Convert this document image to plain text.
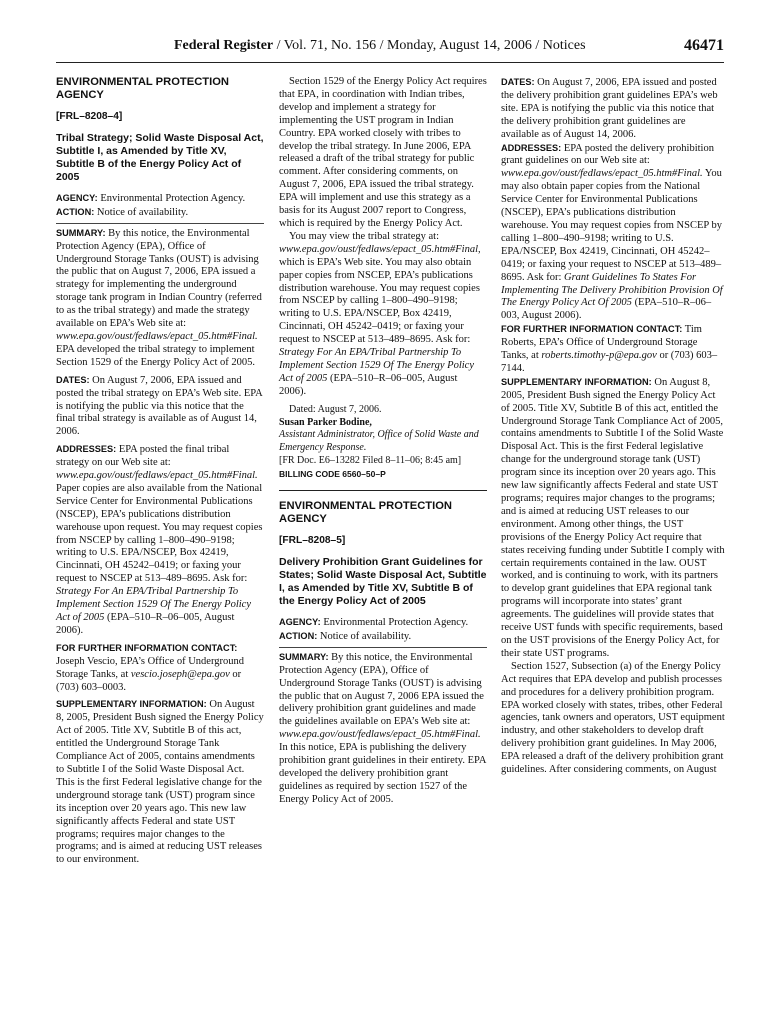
Federal Register / Vol. 71, No. 156 / Monday, August 14, 2006 / Notices	46471
ENVIRONMENTAL PROTECTION AGENCY
[FRL–8208–4]
Tribal Strategy; Solid Waste Disposal Act, Subtitle I, as Amended by Title XV, Subtitle B of the Energy Policy Act of 2005

AGENCY: Environmental Protection Agency.

ACTION: Notice of availability.

SUMMARY: By this notice, the Environmental Protection Agency (EPA), Office of Underground Storage Tanks (OUST) is advising the public that on August 7, 2006, EPA issued a strategy for implementing the underground storage tank program in Indian Country (referred to as the tribal strategy) and made the strategy available on EPA’s Web site at: www.epa.gov/oust/fedlaws/epact_05.htm#Final. EPA developed the tribal strategy to implement Section 1529 of the Energy Policy Act of 2005.

DATES: On August 7, 2006, EPA issued and posted the tribal strategy on EPA’s Web site. EPA is notifying the public via this notice that the final tribal strategy is available as of August 14, 2006.

ADDRESSES: EPA posted the final tribal strategy on our Web site at: www.epa.gov/oust/fedlaws/epact_05.htm#Final. Paper copies are also available from the National Service Center for Environmental Publications (NSCEP), EPA’s publications distribution warehouse upon request. You may request copies from NSCEP by calling 1–800–490–9198; writing to U.S. EPA/NSCEP, Box 42419, Cincinnati, OH 45242–0419; or faxing your request to NSCEP at 513–489–8695. Ask for: Strategy For An EPA/Tribal Partnership To Implement Section 1529 Of The Energy Policy Act of 2005 (EPA–510–R–06–005, August 2006).

FOR FURTHER INFORMATION CONTACT:
Joseph Vescio, EPA’s Office of Underground Storage Tanks, at vescio.joseph@epa.gov or (703) 603–0003.

SUPPLEMENTARY INFORMATION: On August 8, 2005, President Bush signed the Energy Policy Act of 2005. Title XV, Subtitle B of this act, entitled the Underground Storage Tank Compliance Act of 2005, contains amendments to Subtitle I of the Solid Waste Disposal Act. This is the first Federal legislative change for the underground storage tank (UST) program since its inception over 20 years ago. This new law significantly affects Federal and state UST programs; requires major changes to the programs; and is aimed at reducing UST releases to our environment.

Section 1529 of the Energy Policy Act requires that EPA, in coordination with Indian tribes, develop and implement a strategy for implementing the UST program in Indian Country. EPA worked closely with tribes to develop the tribal strategy. In June 2006, EPA released a draft of the tribal strategy for public comment. After considering comments, on August 7, 2006, EPA issued the tribal strategy. EPA will implement and use this strategy as a basis for its August 2007 report to Congress, which is required by the Energy Policy Act.

You may view the tribal strategy at: www.epa.gov/oust/fedlaws/epact_05.htm#Final, which is EPA’s Web site. You may also obtain paper copies from NSCEP, EPA’s publications distribution warehouse. You may request copies from NSCEP by calling 1–800–490–9198; writing to U.S. EPA/NSCEP, Box 42419, Cincinnati, OH 45242–0419; or faxing your request to NSCEP at 513–489–8695. Ask for: Strategy For An EPA/Tribal Partnership To Implement Section 1529 Of The Energy Policy Act of 2005 (EPA–510–R–06–005, August 2006).

Dated: August 7, 2006.

Susan Parker Bodine,

Assistant Administrator, Office of Solid Waste and Emergency Response.

[FR Doc. E6–13282 Filed 8–11–06; 8:45 am]

BILLING CODE 6560–50–P

ENVIRONMENTAL PROTECTION AGENCY
[FRL–8208–5]
Delivery Prohibition Grant Guidelines for States; Solid Waste Disposal Act, Subtitle I, as Amended by Title XV, Subtitle B of the Energy Policy Act of 2005

AGENCY: Environmental Protection Agency.

ACTION: Notice of availability.

SUMMARY: By this notice, the Environmental Protection Agency (EPA), Office of Underground Storage Tanks (OUST) is advising the public that on August 7, 2006 EPA issued the delivery prohibition grant guidelines and made the guidelines available on EPA’s Web site at: www.epa.gov/oust/fedlaws/epact_05.htm#Final. In this notice, EPA is publishing the delivery prohibition grant guidelines in their entirety. EPA developed the delivery prohibition grant guidelines as required by section 1527 of the Energy Policy Act of 2005.

DATES: On August 7, 2006, EPA issued and posted the delivery prohibition grant guidelines EPA’s web site. EPA is notifying the public via this notice that the delivery prohibition grant guidelines are available as of August 14, 2006.

ADDRESSES: EPA posted the delivery prohibition grant guidelines on our Web site at: www.epa.gov/oust/fedlaws/epact_05.htm#Final. You may also obtain paper copies from the National Service Center for Environmental Publications (NSCEP), EPA’s publications distribution warehouse. You may request copies from NSCEP by calling 1–800–490–9198; writing to U.S. EPA/NSCEP, Box 42419, Cincinnati, OH 45242–0419; or faxing your request to NSCEP at 513–489–8695. Ask for: Grant Guidelines To States For Implementing The Delivery Prohibition Provision Of The Energy Policy Act Of 2005 (EPA–510–R–06–003, August 2006).

FOR FURTHER INFORMATION CONTACT: Tim Roberts, EPA’s Office of Underground Storage Tanks, at roberts.timothy-p@epa.gov or (703) 603–7144.

SUPPLEMENTARY INFORMATION: On August 8, 2005, President Bush signed the Energy Policy Act of 2005. Title XV, Subtitle B of this act, entitled the Underground Storage Tank Compliance Act of 2005, contains amendments to Subtitle I of the Solid Waste Disposal Act. This is the first Federal legislative change for the underground storage tank (UST) program since its inception over 20 years ago. This new law significantly affects Federal and state UST programs; requires major changes to the programs; and is aimed at reducing UST releases to our environment. Among other things, the UST provisions of the Energy Policy Act require that states receiving funding under Subtitle I comply with certain requirements contained in the law. OUST worked, and is continuing to work, with its partners to develop grant guidelines that EPA regional tank programs will incorporate into states’ grant agreements. The guidelines will provide states that receive UST funds with specific requirements, based on the UST provisions of the Energy Policy Act, for their state UST programs.

Section 1527, Subsection (a) of the Energy Policy Act requires that EPA develop and publish processes and procedures for a delivery prohibition program. EPA worked closely with states, tribes, other Federal agencies, tank owners and operators, UST equipment industry, and other stakeholders to develop draft delivery prohibition grant guidelines. In May 2006, EPA released a draft of the delivery prohibition grant guidelines. After considering comments, on August
